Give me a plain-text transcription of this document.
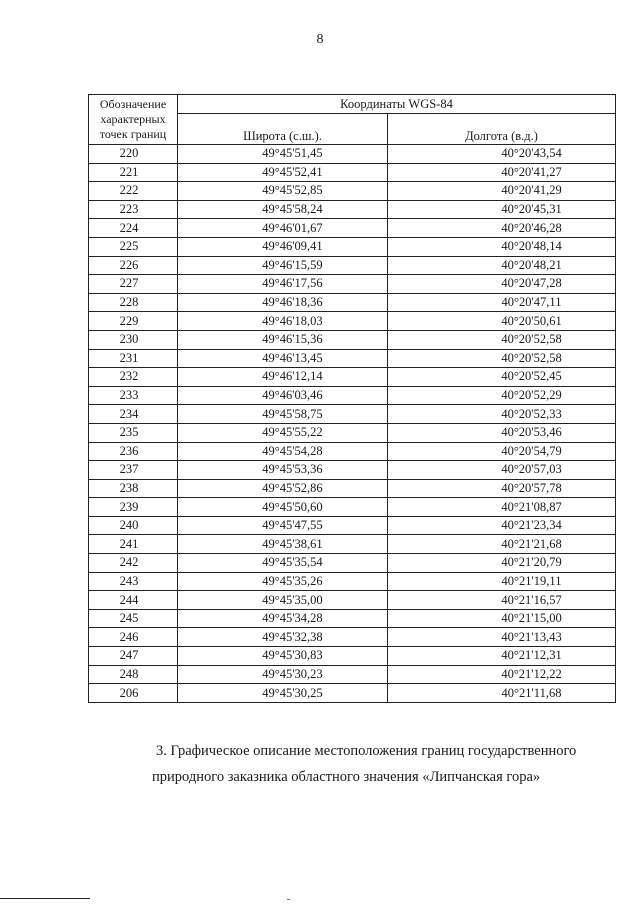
8
Обозначение
характерных
точек границ	Координаты WGS-84	
	Широта (с.ш.).	Долгота (в.д.)
220	49°45'51,45	40°20'43,54
221	49°45'52,41	40°20'41,27
222	49°45'52,85	40°20'41,29
223	49°45'58,24	40°20'45,31
224	49°46'01,67	40°20'46,28
225	49°46'09,41	40°20'48,14
226	49°46'15,59	40°20'48,21
227	49°46'17,56	40°20'47,28
228	49°46'18,36	40°20'47,11
229	49°46'18,03	40°20'50,61
230	49°46'15,36	40°20'52,58
231	49°46'13,45	40°20'52,58
232	49°46'12,14	40°20'52,45
233	49°46'03,46	40°20'52,29
234	49°45'58,75	40°20'52,33
235	49°45'55,22	40°20'53,46
236	49°45'54,28	40°20'54,79
237	49°45'53,36	40°20'57,03
238	49°45'52,86	40°20'57,78
239	49°45'50,60	40°21'08,87
240	49°45'47,55	40°21'23,34
241	49°45'38,61	40°21'21,68
242	49°45'35,54	40°21'20,79
243	49°45'35,26	40°21'19,11
244	49°45'35,00	40°21'16,57
245	49°45'34,28	40°21'15,00
246	49°45'32,38	40°21'13,43
247	49°45'30,83	40°21'12,31
248	49°45'30,23	40°21'12,22
206	49°45'30,25	40°21'11,68
3. Графическое описание местоположения границ государственного
природного заказника областного значения «Липчанская гора»
